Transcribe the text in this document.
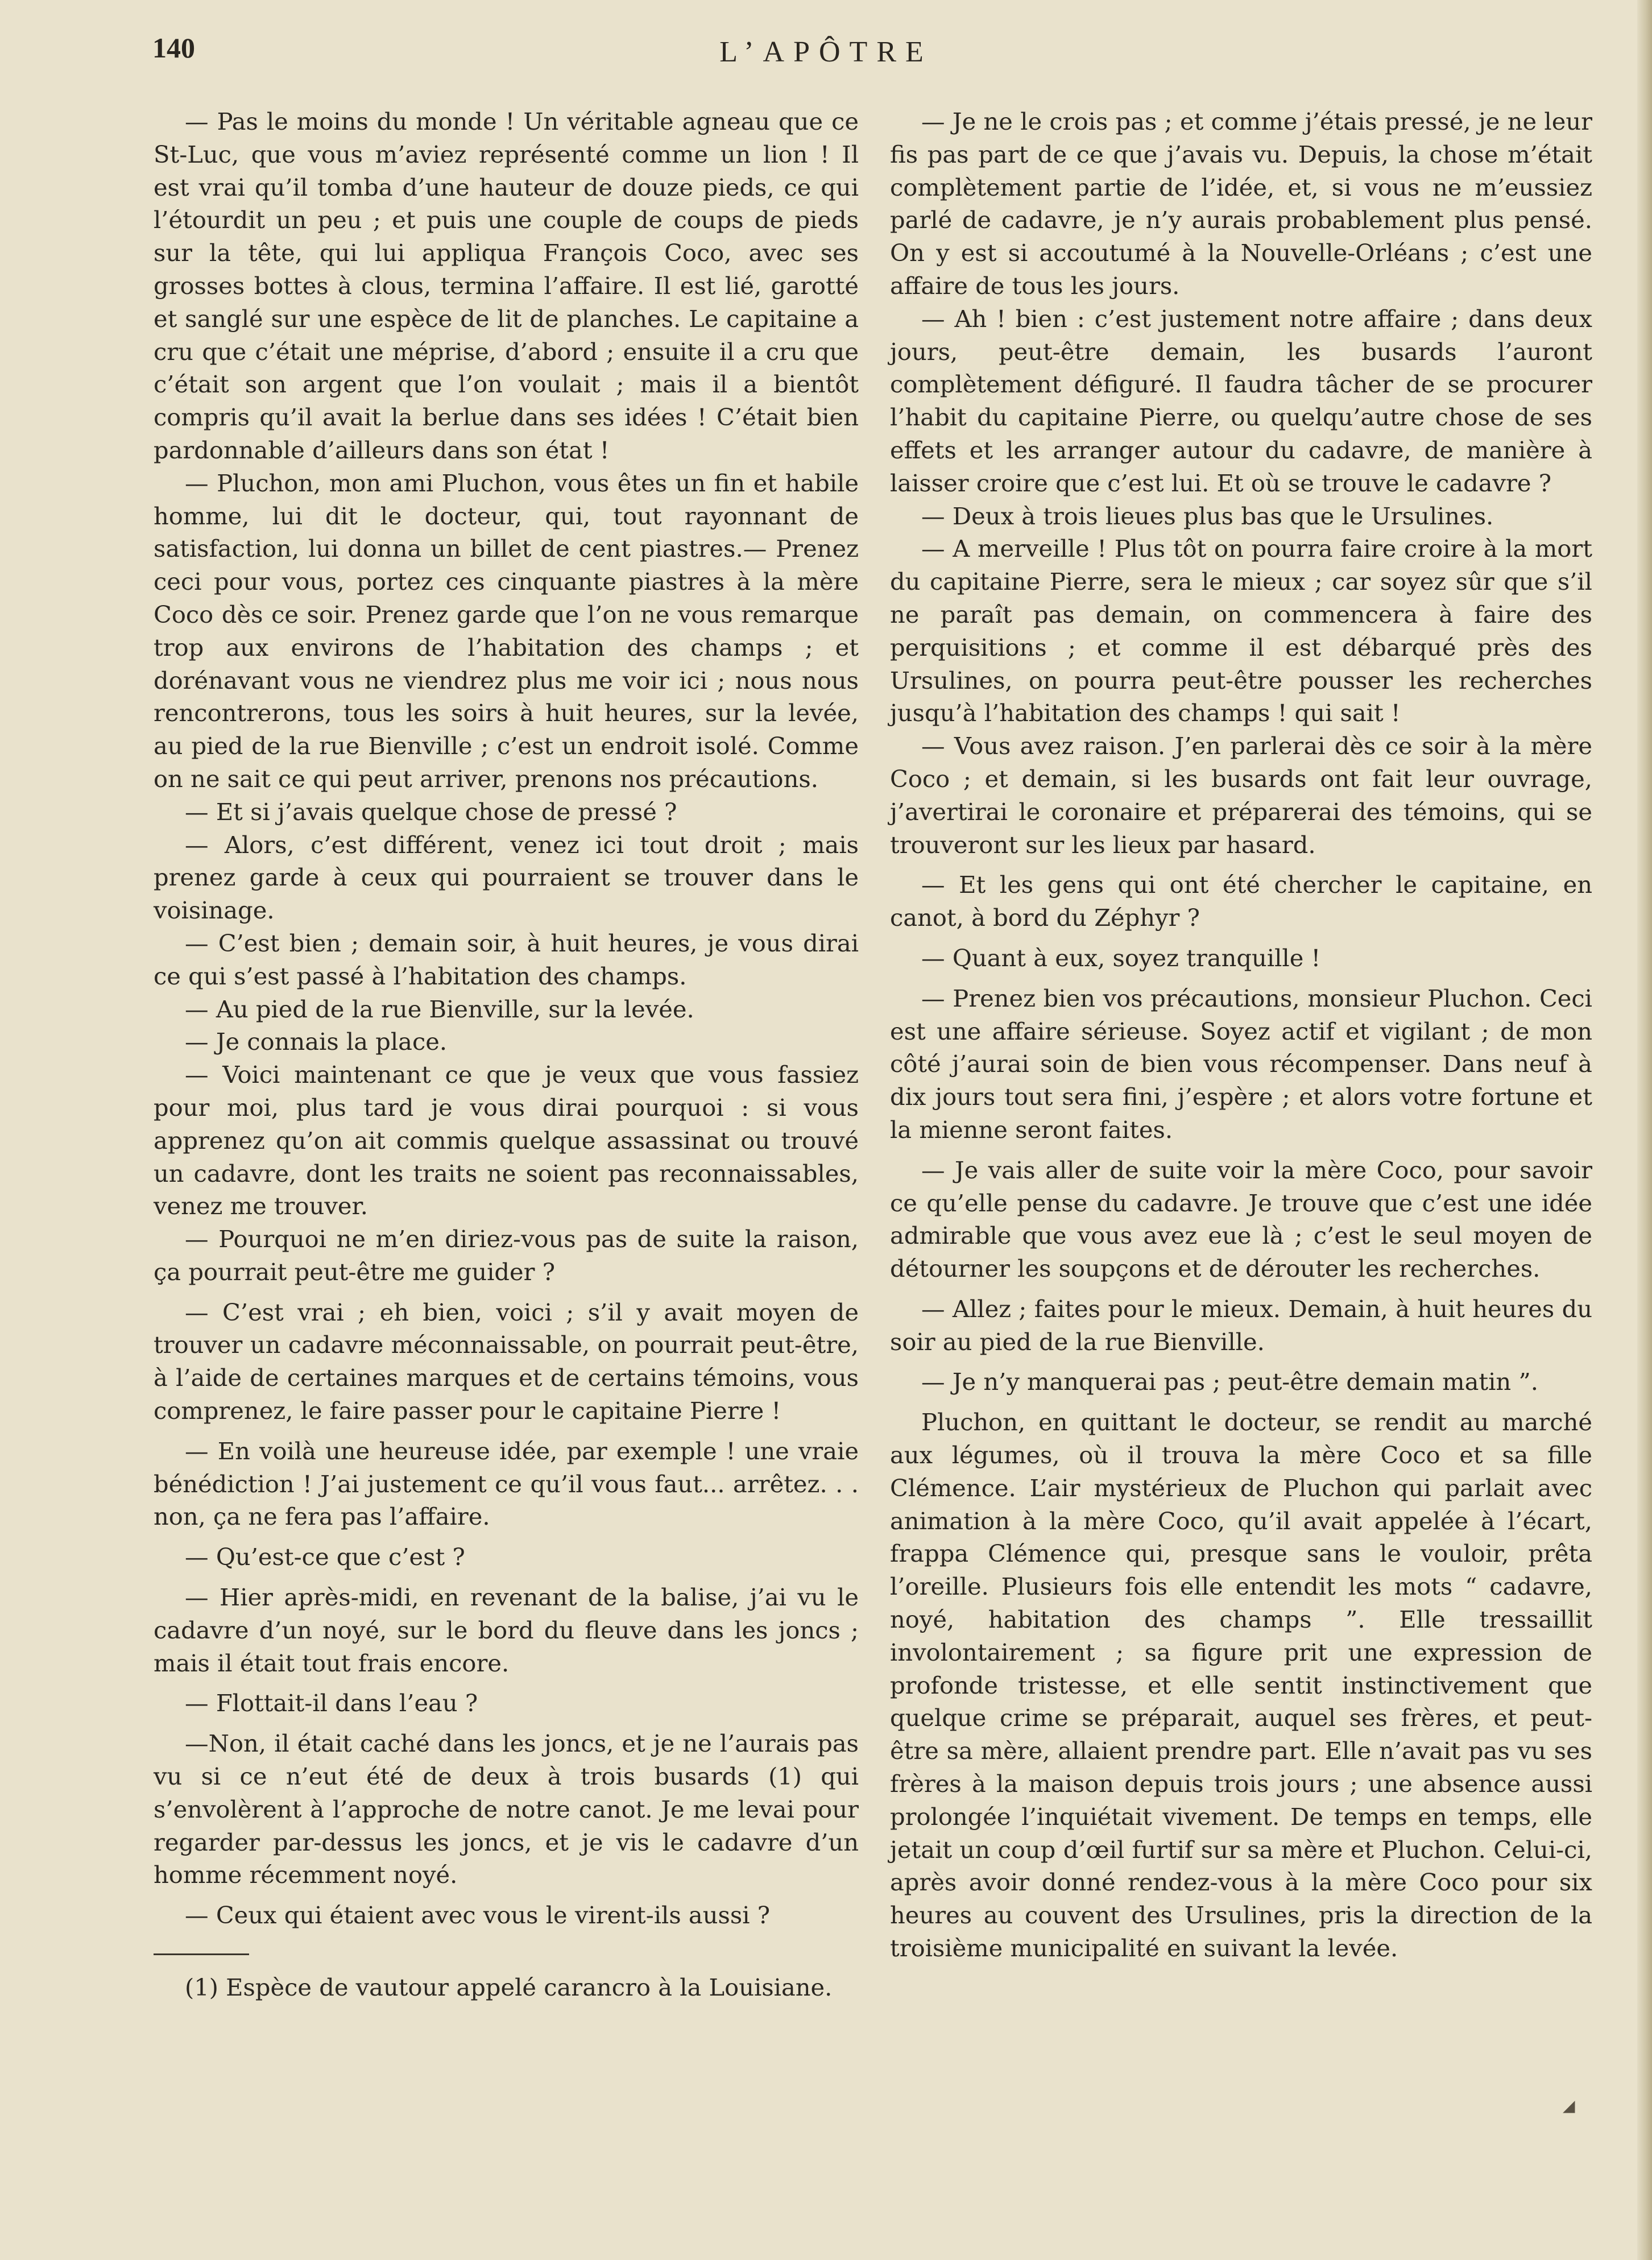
140	L’APÔTRE

— Pas le moins du monde ! Un véritable agneau que ce St-Luc, que vous m’aviez représenté comme un lion ! Il est vrai qu’il tomba d’une hauteur de douze pieds, ce qui l’étourdit un peu ; et puis une couple de coups de pieds sur la tête, qui lui appliqua François Coco, avec ses grosses bottes à clous, termina l’affaire. Il est lié, garotté et sanglé sur une espèce de lit de planches. Le capitaine a cru que c’était une méprise, d’abord ; ensuite il a cru que c’était son argent que l’on voulait ; mais il a bientôt compris qu’il avait la berlue dans ses idées ! C’était bien pardonnable d’ailleurs dans son état !

— Pluchon, mon ami Pluchon, vous êtes un fin et habile homme, lui dit le docteur, qui, tout rayonnant de satisfaction, lui donna un billet de cent piastres.— Prenez ceci pour vous, portez ces cinquante piastres à la mère Coco dès ce soir. Prenez garde que l’on ne vous remarque trop aux environs de l’habitation des champs ; et dorénavant vous ne viendrez plus me voir ici ; nous nous rencontrerons, tous les soirs à huit heures, sur la levée, au pied de la rue Bienville ; c’est un endroit isolé. Comme on ne sait ce qui peut arriver, prenons nos précautions.

— Et si j’avais quelque chose de pressé ?

— Alors, c’est différent, venez ici tout droit ; mais prenez garde à ceux qui pourraient se trouver dans le voisinage.

— C’est bien ; demain soir, à huit heures, je vous dirai ce qui s’est passé à l’habitation des champs.

— Au pied de la rue Bienville, sur la levée.

— Je connais la place.

— Voici maintenant ce que je veux que vous fassiez pour moi, plus tard je vous dirai pourquoi : si vous apprenez qu’on ait commis quelque assassinat ou trouvé un cadavre, dont les traits ne soient pas reconnaissables, venez me trouver.

— Pourquoi ne m’en diriez-vous pas de suite la raison, ça pourrait peut-être me guider ?

— C’est vrai ; eh bien, voici ; s’il y avait moyen de trouver un cadavre méconnaissable, on pourrait peut-être, à l’aide de certaines marques et de certains témoins, vous comprenez, le faire passer pour le capitaine Pierre !

— En voilà une heureuse idée, par exemple ! une vraie bénédiction ! J’ai justement ce qu’il vous faut... arrêtez. . . non, ça ne fera pas l’affaire.

— Qu’est-ce que c’est ?

— Hier après-midi, en revenant de la balise, j’ai vu le cadavre d’un noyé, sur le bord du fleuve dans les joncs ; mais il était tout frais encore.

— Flottait-il dans l’eau ?

—Non, il était caché dans les joncs, et je ne l’aurais pas vu si ce n’eut été de deux à trois busards (1) qui s’envolèrent à l’approche de notre canot. Je me levai pour regarder par-dessus les joncs, et je vis le cadavre d’un homme récemment noyé.

— Ceux qui étaient avec vous le virent-ils aussi ?

(1) Espèce de vautour appelé carancro à la Louisiane.

— Je ne le crois pas ; et comme j’étais pressé, je ne leur fis pas part de ce que j’avais vu. Depuis, la chose m’était complètement partie de l’idée, et, si vous ne m’eussiez parlé de cadavre, je n’y aurais probablement plus pensé. On y est si accoutumé à la Nouvelle-Orléans ; c’est une affaire de tous les jours.

— Ah ! bien : c’est justement notre affaire ; dans deux jours, peut-être demain, les busards l’auront complètement défiguré. Il faudra tâcher de se procurer l’habit du capitaine Pierre, ou quelqu’autre chose de ses effets et les arranger autour du cadavre, de manière à laisser croire que c’est lui. Et où se trouve le cadavre ?

— Deux à trois lieues plus bas que le Ursulines.

— A merveille ! Plus tôt on pourra faire croire à la mort du capitaine Pierre, sera le mieux ; car soyez sûr que s’il ne paraît pas demain, on commencera à faire des perquisitions ; et comme il est débarqué près des Ursulines, on pourra peut-être pousser les recherches jusqu’à l’habitation des champs ! qui sait !

— Vous avez raison. J’en parlerai dès ce soir à la mère Coco ; et demain, si les busards ont fait leur ouvrage, j’avertirai le coronaire et préparerai des témoins, qui se trouveront sur les lieux par hasard.

— Et les gens qui ont été chercher le capitaine, en canot, à bord du Zéphyr ?

— Quant à eux, soyez tranquille !

— Prenez bien vos précautions, monsieur Pluchon. Ceci est une affaire sérieuse. Soyez actif et vigilant ; de mon côté j’aurai soin de bien vous récompenser. Dans neuf à dix jours tout sera fini, j’espère ; et alors votre fortune et la mienne seront faites.

— Je vais aller de suite voir la mère Coco, pour savoir ce qu’elle pense du cadavre. Je trouve que c’est une idée admirable que vous avez eue là ; c’est le seul moyen de détourner les soupçons et de dérouter les recherches.

— Allez ; faites pour le mieux. Demain, à huit heures du soir au pied de la rue Bienville.

— Je n’y manquerai pas ; peut-être demain matin ”.

Pluchon, en quittant le docteur, se rendit au marché aux légumes, où il trouva la mère Coco et sa fille Clémence. L’air mystérieux de Pluchon qui parlait avec animation à la mère Coco, qu’il avait appelée à l’écart, frappa Clémence qui, presque sans le vouloir, prêta l’oreille. Plusieurs fois elle entendit les mots “ cadavre, noyé, habitation des champs ”. Elle tressaillit involontairement ; sa figure prit une expression de profonde tristesse, et elle sentit instinctivement que quelque crime se préparait, auquel ses frères, et peut-être sa mère, allaient prendre part. Elle n’avait pas vu ses frères à la maison depuis trois jours ; une absence aussi prolongée l’inquiétait vivement. De temps en temps, elle jetait un coup d’œil furtif sur sa mère et Pluchon. Celui-ci, après avoir donné rendez-vous à la mère Coco pour six heures au couvent des Ursulines, pris la direction de la troisième municipalité en suivant la levée.

◢
